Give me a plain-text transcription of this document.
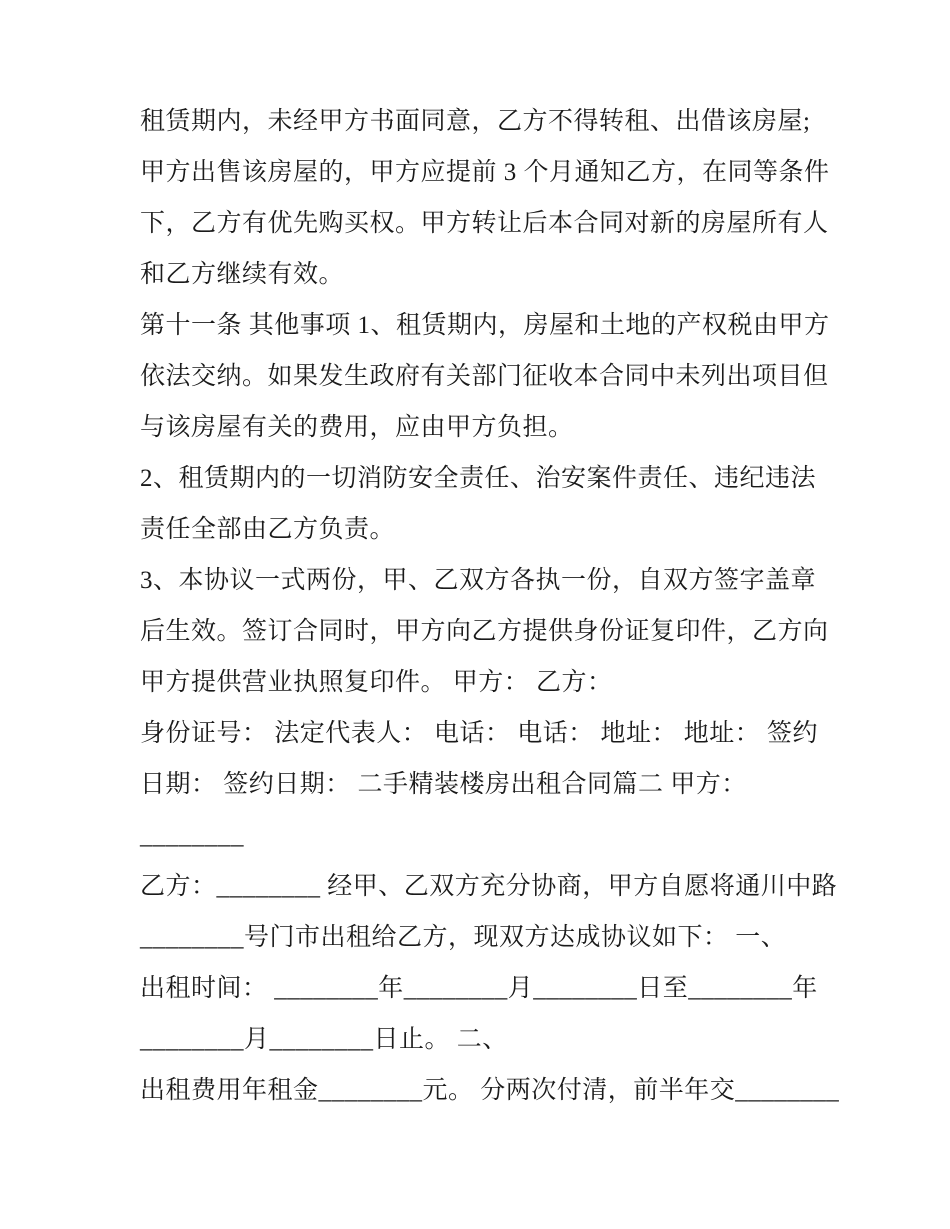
租赁期内，未经甲方书面同意，乙方不得转租、出借该房屋;
甲方出售该房屋的，甲方应提前 3 个月通知乙方，在同等条件
下，乙方有优先购买权。甲方转让后本合同对新的房屋所有人
和乙方继续有效。
第十一条 其他事项 1、租赁期内，房屋和土地的产权税由甲方
依法交纳。如果发生政府有关部门征收本合同中未列出项目但
与该房屋有关的费用，应由甲方负担。
2、租赁期内的一切消防安全责任、治安案件责任、违纪违法
责任全部由乙方负责。
3、本协议一式两份，甲、乙双方各执一份，自双方签字盖章
后生效。签订合同时，甲方向乙方提供身份证复印件，乙方向
甲方提供营业执照复印件。 甲方： 乙方：
身份证号： 法定代表人： 电话： 电话： 地址： 地址： 签约
日期： 签约日期： 二手精装楼房出租合同篇二 甲方：
________
乙方：________ 经甲、乙双方充分协商，甲方自愿将通川中路
________号门市出租给乙方，现双方达成协议如下： 一、
出租时间： ________年________月________日至________年
________月________日止。 二、
出租费用年租金________元。 分两次付清，前半年交________
